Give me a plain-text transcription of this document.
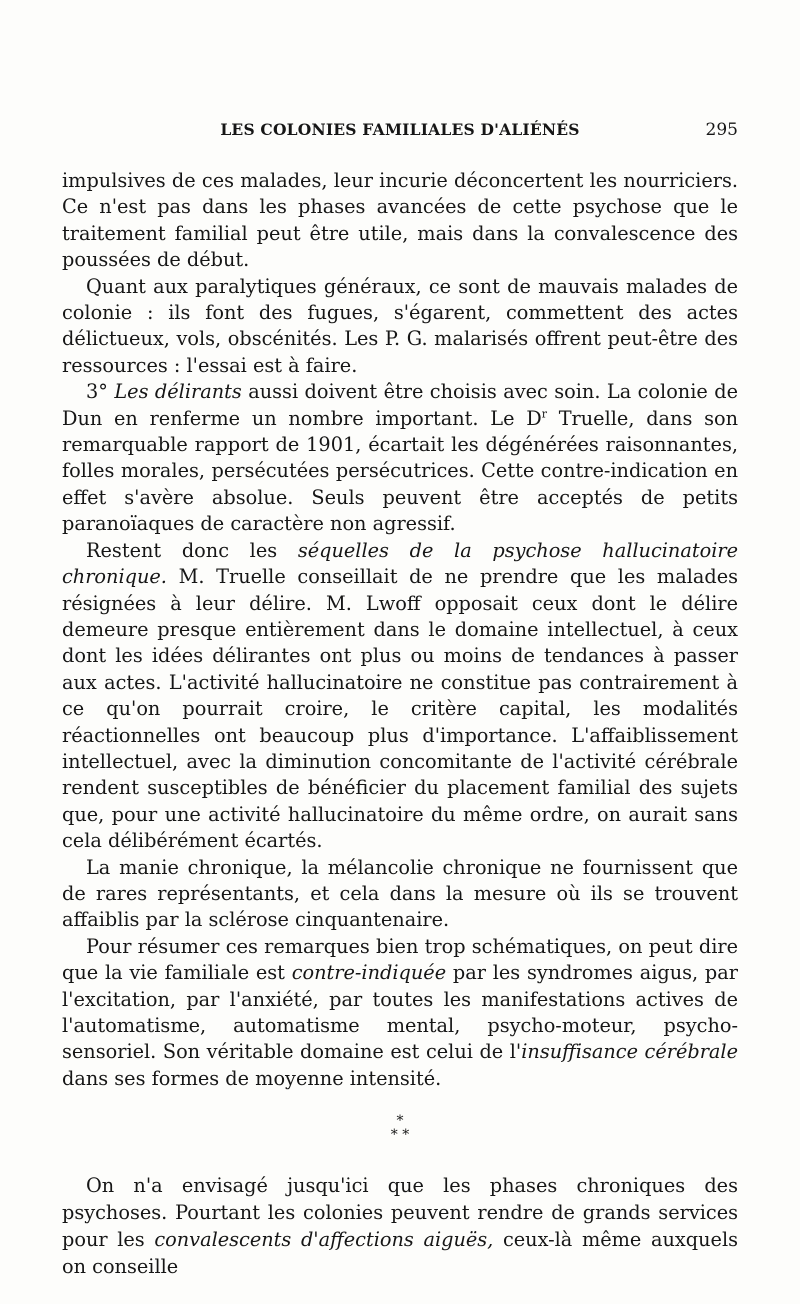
LES COLONIES FAMILIALES D'ALIÉNÉS	295

impulsives de ces malades, leur incurie déconcertent les nourriciers. Ce n'est pas dans les phases avancées de cette psychose que le traitement familial peut être utile, mais dans la convalescence des poussées de début.

Quant aux paralytiques généraux, ce sont de mauvais malades de colonie : ils font des fugues, s'égarent, commettent des actes délictueux, vols, obscénités. Les P. G. malarisés offrent peut-être des ressources : l'essai est à faire.

3° Les délirants aussi doivent être choisis avec soin. La colonie de Dun en renferme un nombre important. Le $D^r$ Truelle, dans son remarquable rapport de 1901, écartait les dégénérées raisonnantes, folles morales, persécutées persécutrices. Cette contre-indication en effet s'avère absolue. Seuls peuvent être acceptés de petits paranoïaques de caractère non agressif.

Restent donc les séquelles de la psychose hallucinatoire chronique. M. Truelle conseillait de ne prendre que les malades résignées à leur délire. M. Lwoff opposait ceux dont le délire demeure presque entièrement dans le domaine intellectuel, à ceux dont les idées délirantes ont plus ou moins de tendances à passer aux actes. L'activité hallucinatoire ne constitue pas contrairement à ce qu'on pourrait croire, le critère capital, les modalités réactionnelles ont beaucoup plus d'importance. L'affaiblissement intellectuel, avec la diminution concomitante de l'activité cérébrale rendent susceptibles de bénéficier du placement familial des sujets que, pour une activité hallucinatoire du même ordre, on aurait sans cela délibérément écartés.

La manie chronique, la mélancolie chronique ne fournissent que de rares représentants, et cela dans la mesure où ils se trouvent affaiblis par la sclérose cinquantenaire.

Pour résumer ces remarques bien trop schématiques, on peut dire que la vie familiale est contre-indiquée par les syndromes aigus, par l'excitation, par l'anxiété, par toutes les manifestations actives de l'automatisme, automatisme mental, psycho-moteur, psycho-sensoriel. Son véritable domaine est celui de l'insuffisance cérébrale dans ses formes de moyenne intensité.

*
* *

On n'a envisagé jusqu'ici que les phases chroniques des psychoses. Pourtant les colonies peuvent rendre de grands services pour les convalescents d'affections aiguës, ceux-là même auxquels on conseille
